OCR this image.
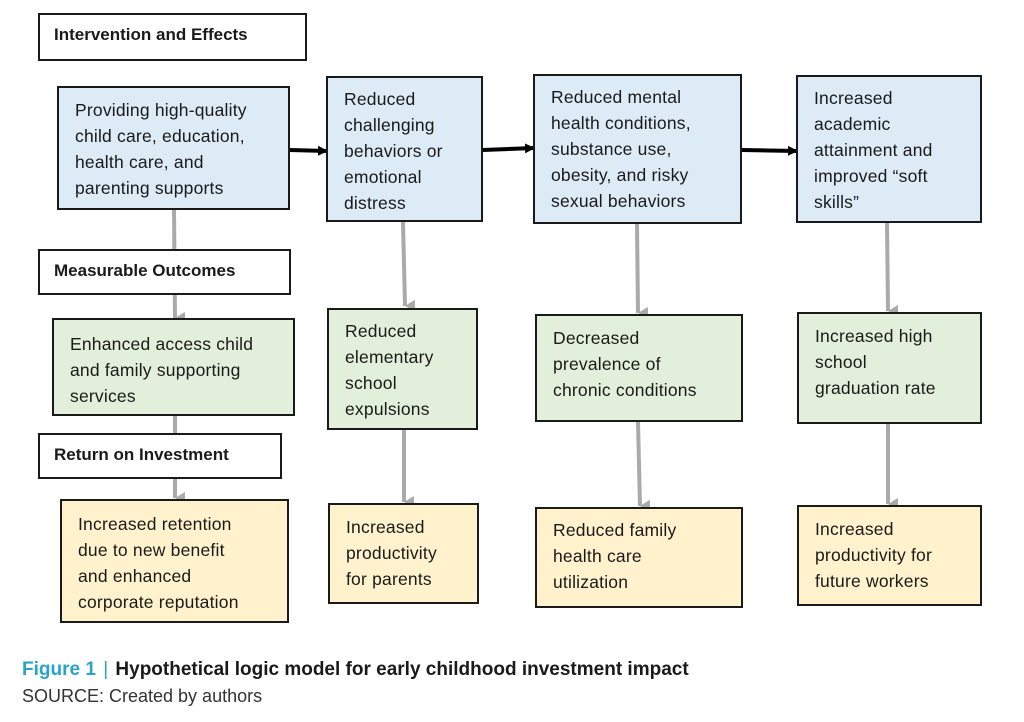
Intervention and Effects
Measurable Outcomes
Return on Investment
Providing high-quality
child care, education,
health care, and
parenting supports
Reduced
challenging
behaviors or
emotional
distress
Reduced mental
health conditions,
substance use,
obesity, and risky
sexual behaviors
Increased
academic
attainment and
improved “soft
skills”
Enhanced access child
and family supporting
services
Reduced
elementary
school
expulsions
Decreased
prevalence of
chronic conditions
Increased high
school
graduation rate
Increased retention
due to new benefit
and enhanced
corporate reputation
Increased
productivity
for parents
Reduced family
health care
utilization
Increased
productivity for
future workers
Figure 1 | Hypothetical logic model for early childhood investment impact
SOURCE: Created by authors
